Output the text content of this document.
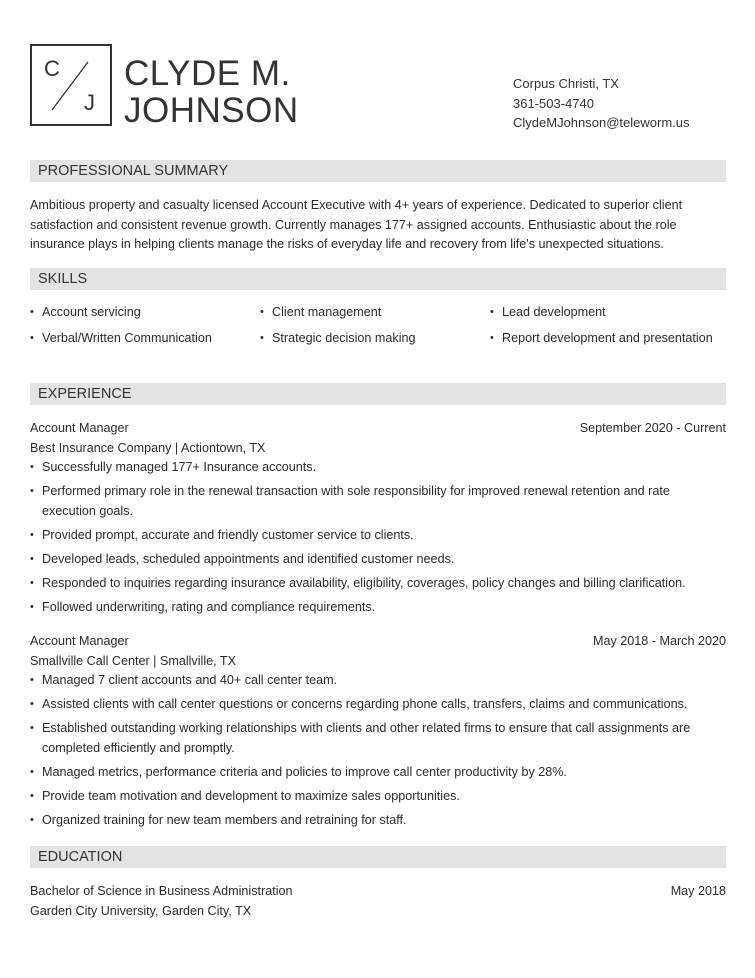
C
J
CLYDE M.
JOHNSON
Corpus Christi, TX
361-503-4740
ClydeMJohnson@teleworm.us
PROFESSIONAL SUMMARY
Ambitious property and casualty licensed Account Executive with 4+ years of experience. Dedicated to superior client satisfaction and consistent revenue growth. Currently manages 177+ assigned accounts. Enthusiastic about the role insurance plays in helping clients manage the risks of everyday life and recovery from life's unexpected situations.
SKILLS
• Account servicing	• Client management	• Lead development
• Verbal/Written Communication	• Strategic decision making	• Report development and presentation
EXPERIENCE
Account Manager	September 2020 - Current
Best Insurance Company | Actiontown, TX
• Successfully managed 177+ Insurance accounts.
• Performed primary role in the renewal transaction with sole responsibility for improved renewal retention and rate execution goals.
• Provided prompt, accurate and friendly customer service to clients.
• Developed leads, scheduled appointments and identified customer needs.
• Responded to inquiries regarding insurance availability, eligibility, coverages, policy changes and billing clarification.
• Followed underwriting, rating and compliance requirements.
Account Manager	May 2018 - March 2020
Smallville Call Center | Smallville, TX
• Managed 7 client accounts and 40+ call center team.
• Assisted clients with call center questions or concerns regarding phone calls, transfers, claims and communications.
• Established outstanding working relationships with clients and other related firms to ensure that call assignments are completed efficiently and promptly.
• Managed metrics, performance criteria and policies to improve call center productivity by 28%.
• Provide team motivation and development to maximize sales opportunities.
• Organized training for new team members and retraining for staff.
EDUCATION
Bachelor of Science in Business Administration	May 2018
Garden City University, Garden City, TX
